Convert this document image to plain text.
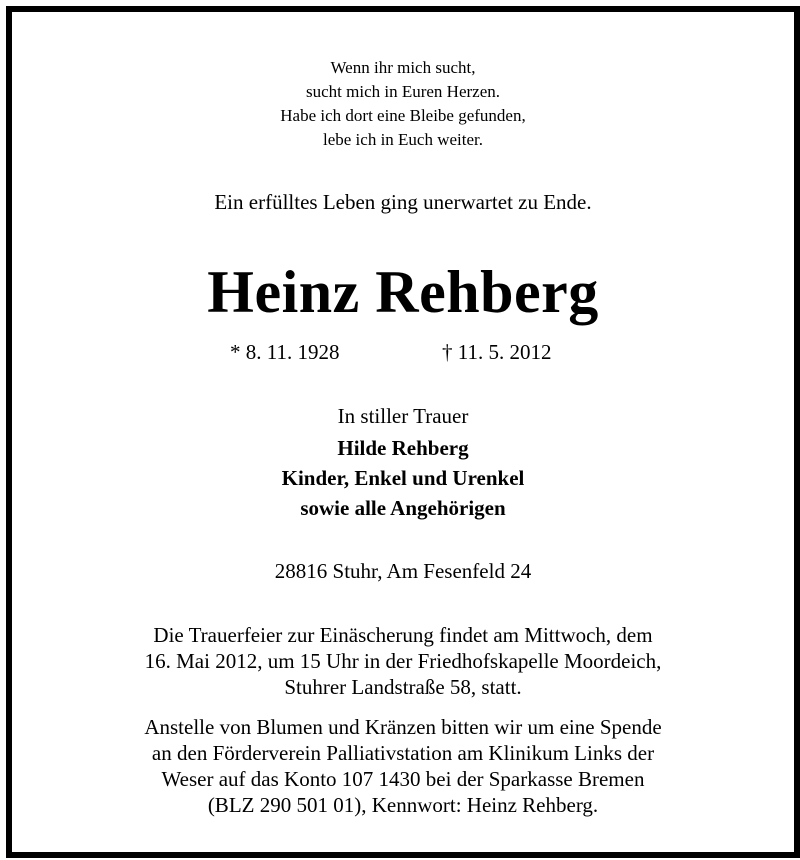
Wenn ihr mich sucht,
sucht mich in Euren Herzen.
Habe ich dort eine Bleibe gefunden,
lebe ich in Euch weiter.
Ein erfülltes Leben ging unerwartet zu Ende.
Heinz Rehberg
* 8. 11. 1928	† 11. 5. 2012
In stiller Trauer
Hilde Rehberg
Kinder, Enkel und Urenkel
sowie alle Angehörigen
28816 Stuhr, Am Fesenfeld 24
Die Trauerfeier zur Einäscherung findet am Mittwoch, dem
16. Mai 2012, um 15 Uhr in der Friedhofskapelle Moordeich,
Stuhrer Landstraße 58, statt.
Anstelle von Blumen und Kränzen bitten wir um eine Spende
an den Förderverein Palliativstation am Klinikum Links der
Weser auf das Konto 107 1430 bei der Sparkasse Bremen
(BLZ 290 501 01), Kennwort: Heinz Rehberg.
